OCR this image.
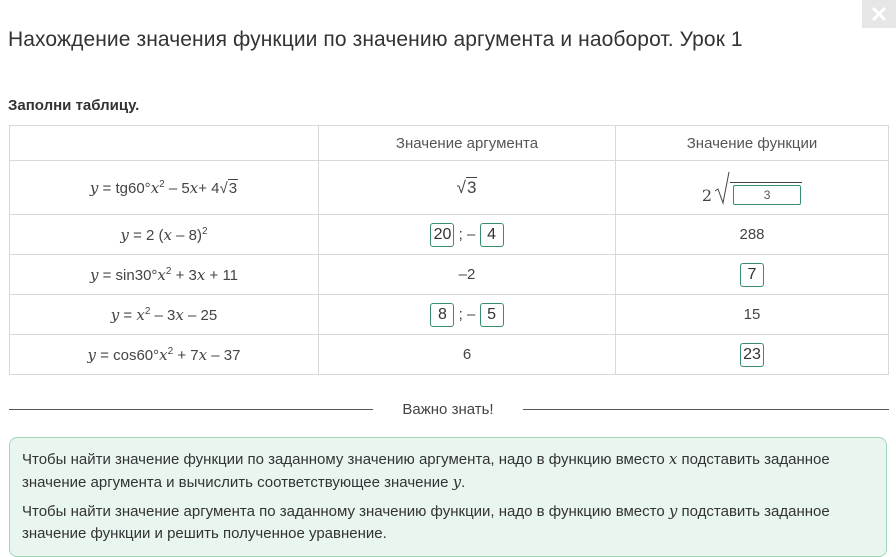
Нахождение значения функции по значению аргумента и наоборот. Урок 1
Заполни таблицу.
	Значение аргумента	Значение функции
$y = tg60^\circ x^2 - 5x+ 4$ √ 3	√ 3	2 3

y = 2 (x – 8)$^2$	20 ; – 4	288
$y = \sin 30^\circ x^2 + 3x + 11$	–2	7
$y = x^2 - 3x - 25$	8 ; – 5	15
$y = \cos 60^\circ x^2 + 7x - 37$	6	23
Важно знать!

Чтобы найти значение функции по заданному значению аргумента, надо в функцию вместо x подставить заданное значение аргумента и вычислить соответствующее значение y.

Чтобы найти значение аргумента по заданному значению функции, надо в функцию вместо y подставить заданное значение функции и решить полученное уравнение.
